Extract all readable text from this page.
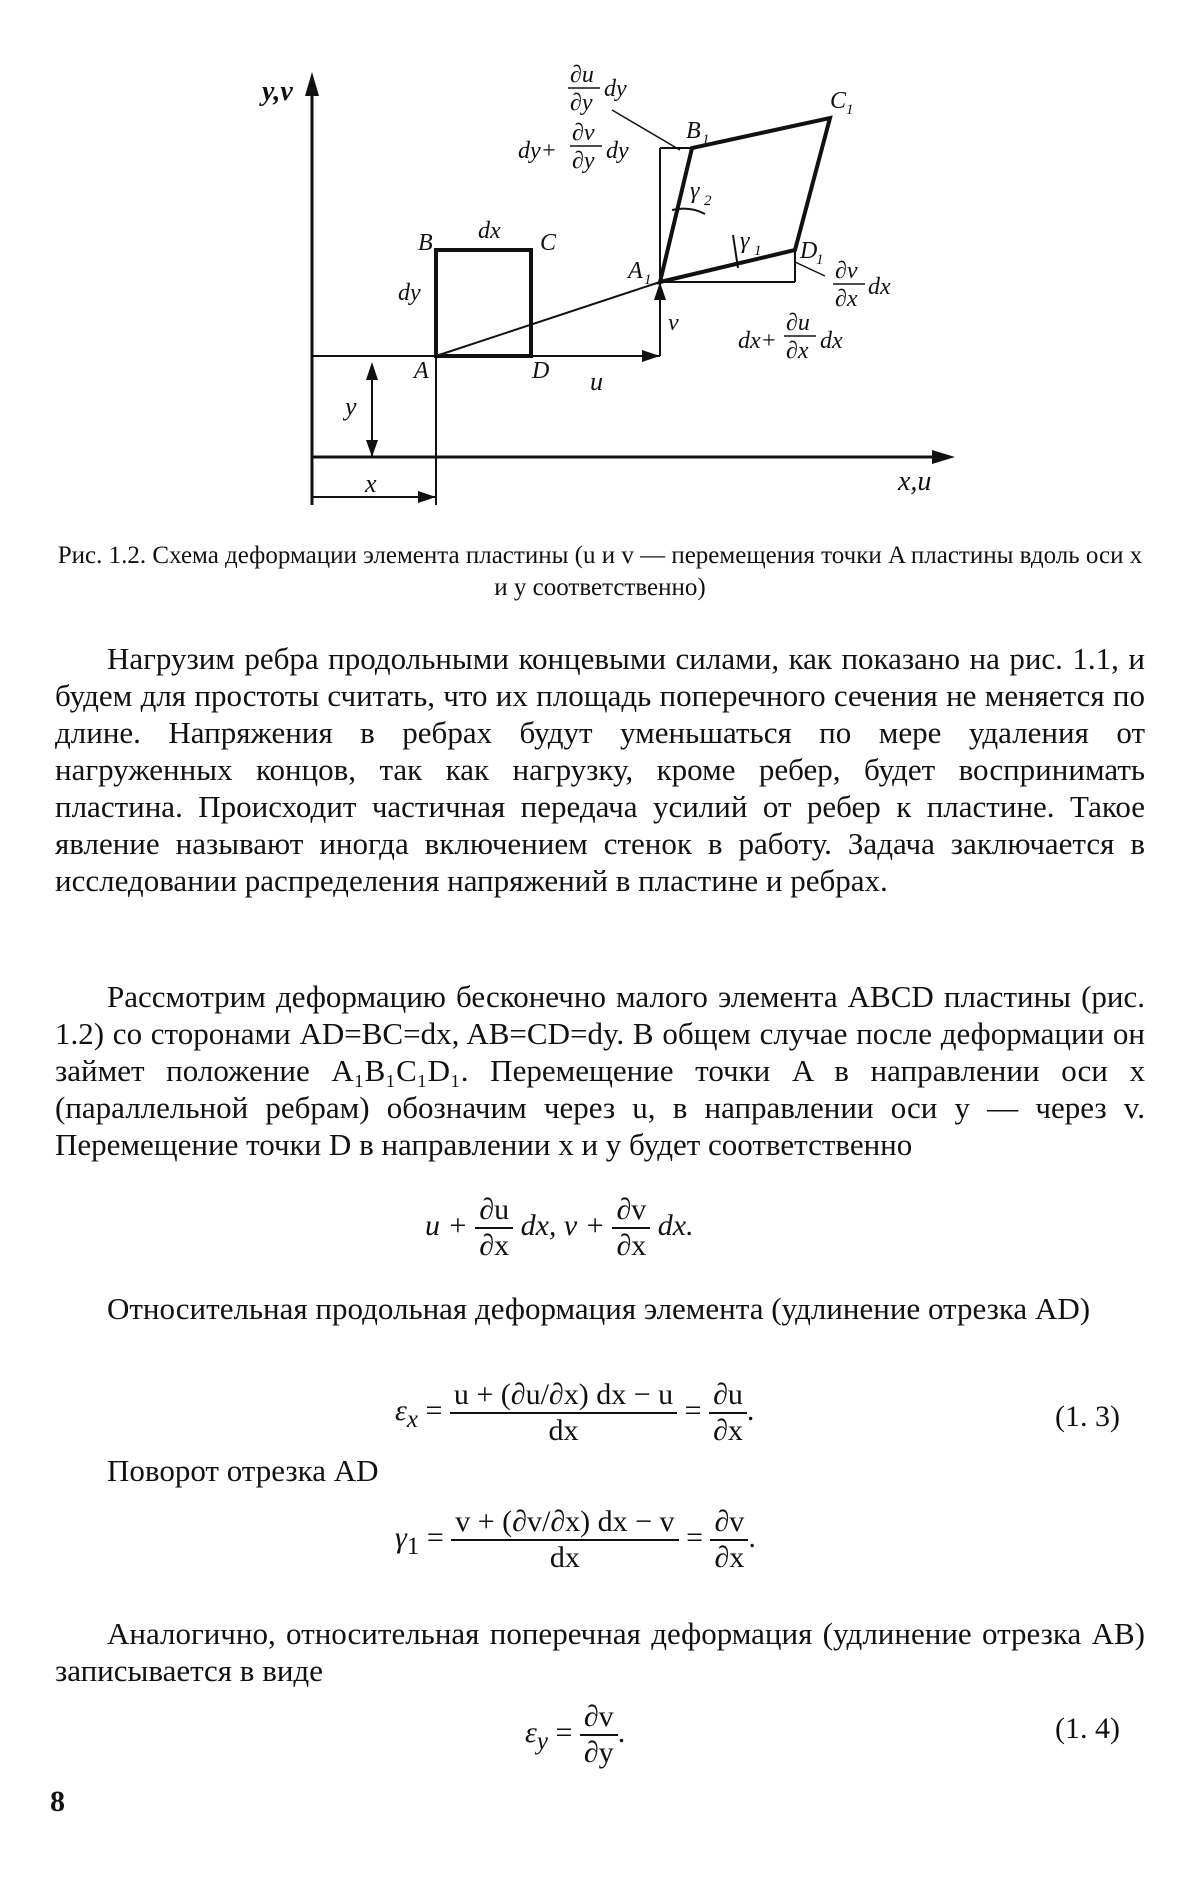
y,v
x,u
x
y
B	C
A	D
dx
dy
u
v
A 1
B 1
C 1
D
1
γ 2
γ 1
∂u
∂y
dy
dy+
∂v
∂y dy
∂v
∂x dx
dx+
∂u
∂x dx
Рис. 1.2. Схема деформации элемента пластины (u и v — перемещения точки A пластины вдоль оси x и y соответственно)
Нагрузим ребра продольными концевыми силами, как показано на рис. 1.1, и будем для простоты считать, что их площадь поперечного сечения не меняется по длине. Напряжения в ребрах будут уменьшаться по мере удаления от нагруженных концов, так как нагрузку, кроме ребер, будет воспринимать пластина. Происходит частичная передача усилий от ребер к пластине. Такое явление называют иногда включением стенок в работу. Задача заключается в исследовании распределения напряжений в пластине и ребрах.
Рассмотрим деформацию бесконечно малого элемента ABCD пластины (рис. 1.2) со сторонами AD=BC=dx, AB=CD=dy. В общем случае после деформации он займет положение A₁B₁C₁D₁. Перемещение точки A в направлении оси x (параллельной ребрам) обозначим через u, в направлении оси y — через v. Перемещение точки D в направлении x и y будет соответственно
$u + \frac{\partial u}{\partial x}$ dx, $v + \frac{\partial v}{\partial x}$ dx.
Относительная продольная деформация элемента (удлинение отрезка AD)
$\varepsilon_x = \frac{u + (\partial u/\partial x) dx - u}{dx} = \frac{\partial u}{\partial x}$ .	(1. 3)
Поворот отрезка AD
$\gamma_1 = \frac{v + (\partial v/\partial x) dx - v}{dx} = \frac{\partial v}{\partial x}$ .
Аналогично, относительная поперечная деформация (удлинение отрезка AB) записывается в виде
$\varepsilon_y = \frac{\partial v}{\partial y}$ .	(1. 4)
8
